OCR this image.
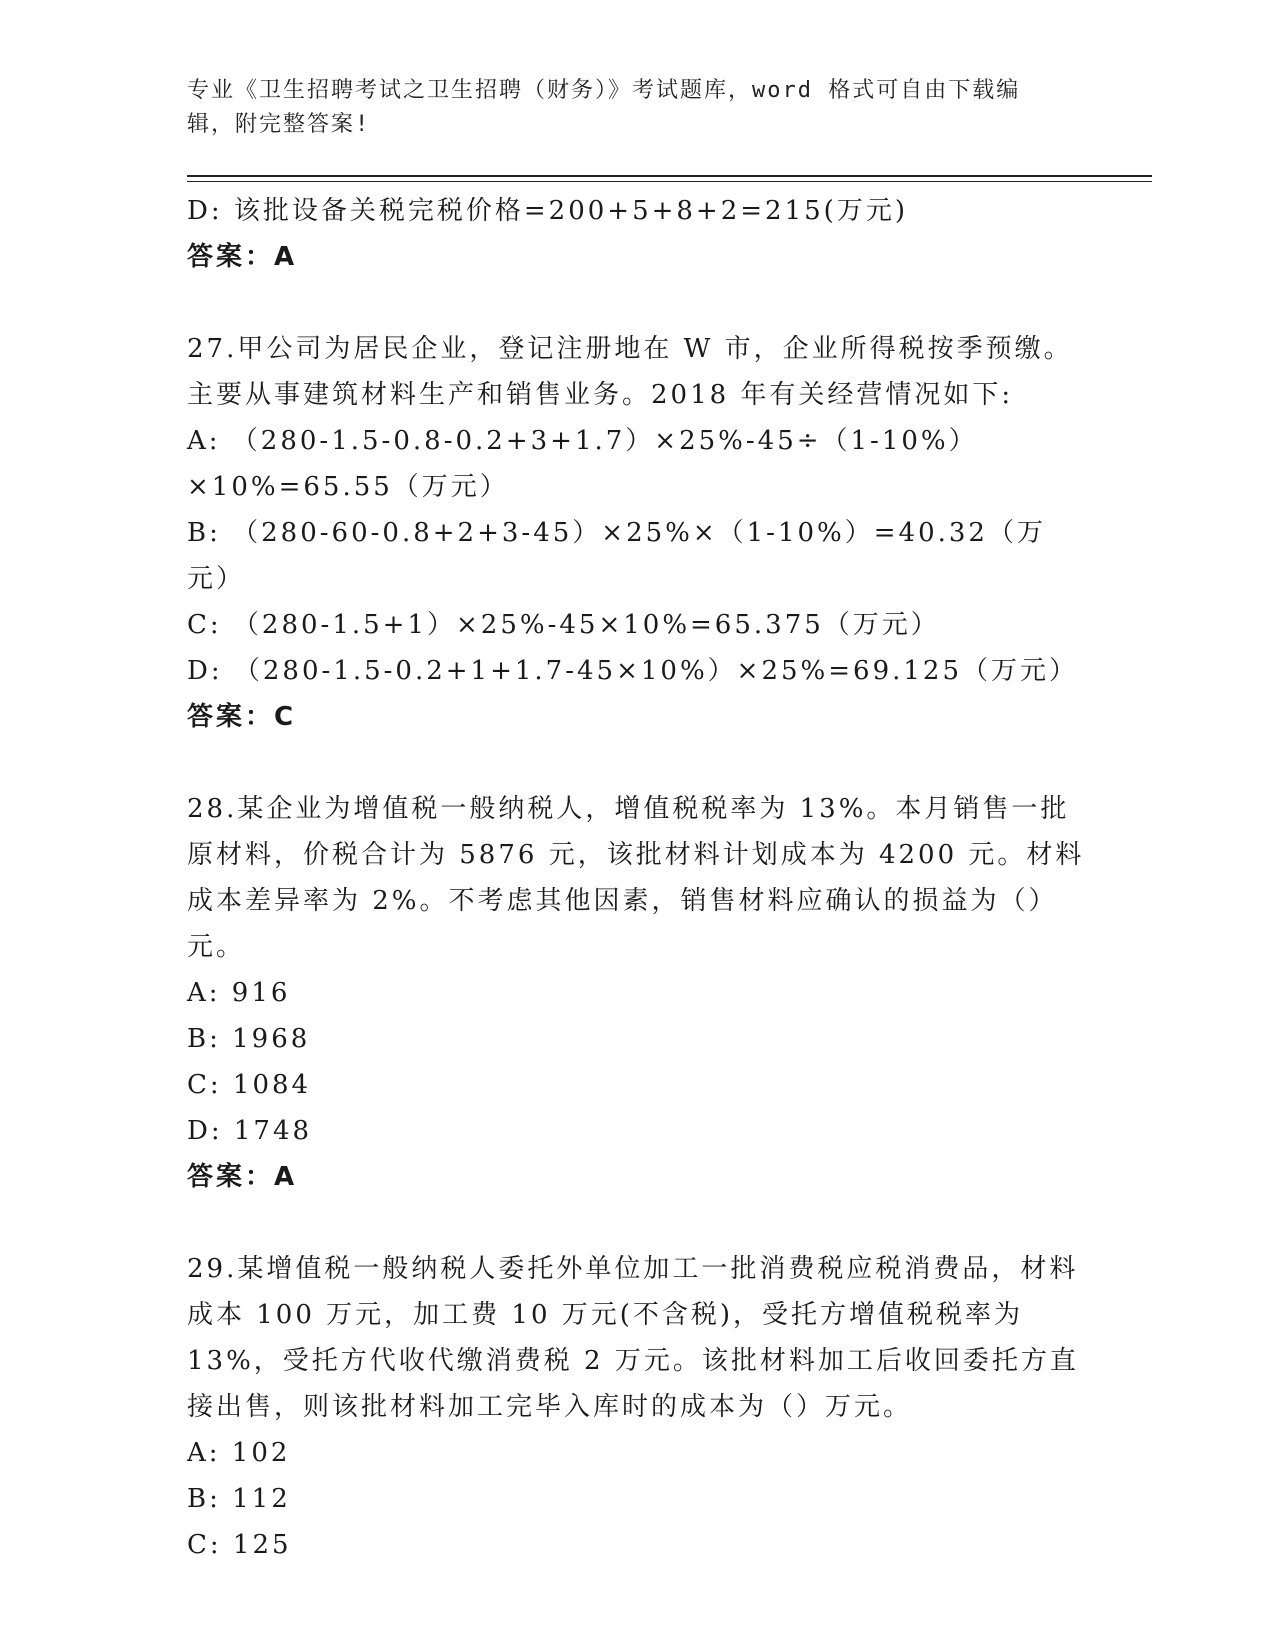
专业《卫生招聘考试之卫生招聘（财务）》考试题库，word 格式可自由下载编辑，附完整答案!
D: 该批设备关税完税价格=200+5+8+2=215(万元)
答案：A
27.甲公司为居民企业，登记注册地在 W 市，企业所得税按季预缴。主要从事建筑材料生产和销售业务。2018 年有关经营情况如下:
A: （280-1.5-0.8-0.2+3+1.7）×25%-45÷（1-10%）×10%=65.55（万元）
B: （280-60-0.8+2+3-45）×25%×（1-10%）=40.32（万元）
C: （280-1.5+1）×25%-45×10%=65.375（万元）
D: （280-1.5-0.2+1+1.7-45×10%）×25%=69.125（万元）
答案：C
28.某企业为增值税一般纳税人，增值税税率为 13%。本月销售一批原材料，价税合计为 5876 元，该批材料计划成本为 4200 元。材料成本差异率为 2%。不考虑其他因素，销售材料应确认的损益为（）元。
A: 916
B: 1968
C: 1084
D: 1748
答案：A
29.某增值税一般纳税人委托外单位加工一批消费税应税消费品，材料成本 100 万元，加工费 10 万元(不含税)，受托方增值税税率为 13%，受托方代收代缴消费税 2 万元。该批材料加工后收回委托方直接出售，则该批材料加工完毕入库时的成本为（）万元。
A: 102
B: 112
C: 125
